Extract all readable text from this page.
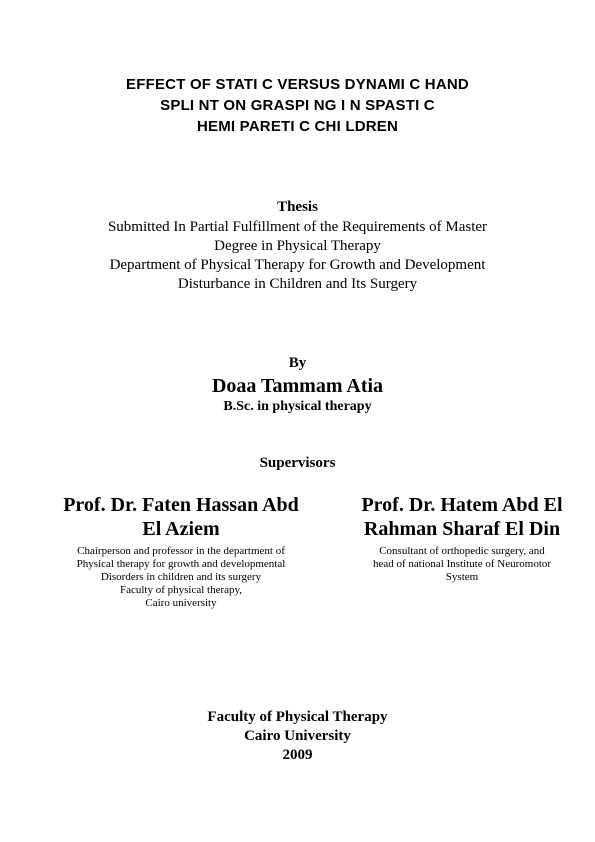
EFFECT OF STATI C VERSUS DYNAMI C HAND
SPLI NT ON GRASPI NG I N SPASTI C
HEMI PARETI C CHI LDREN
Thesis
Submitted In Partial Fulfillment of the Requirements of Master
Degree in Physical Therapy
Department of Physical Therapy for Growth and Development
Disturbance in Children and Its Surgery
By
Doaa Tammam Atia
B.Sc. in physical therapy
Supervisors
Prof. Dr. Faten Hassan Abd
El Aziem
Chairperson and professor in the department of
Physical therapy for growth and developmental
Disorders in children and its surgery
Faculty of physical therapy,
Cairo university
Prof. Dr. Hatem Abd El
Rahman Sharaf El Din
Consultant of orthopedic surgery, and
head of national Institute of Neuromotor
System
Faculty of Physical Therapy
Cairo University
2009
